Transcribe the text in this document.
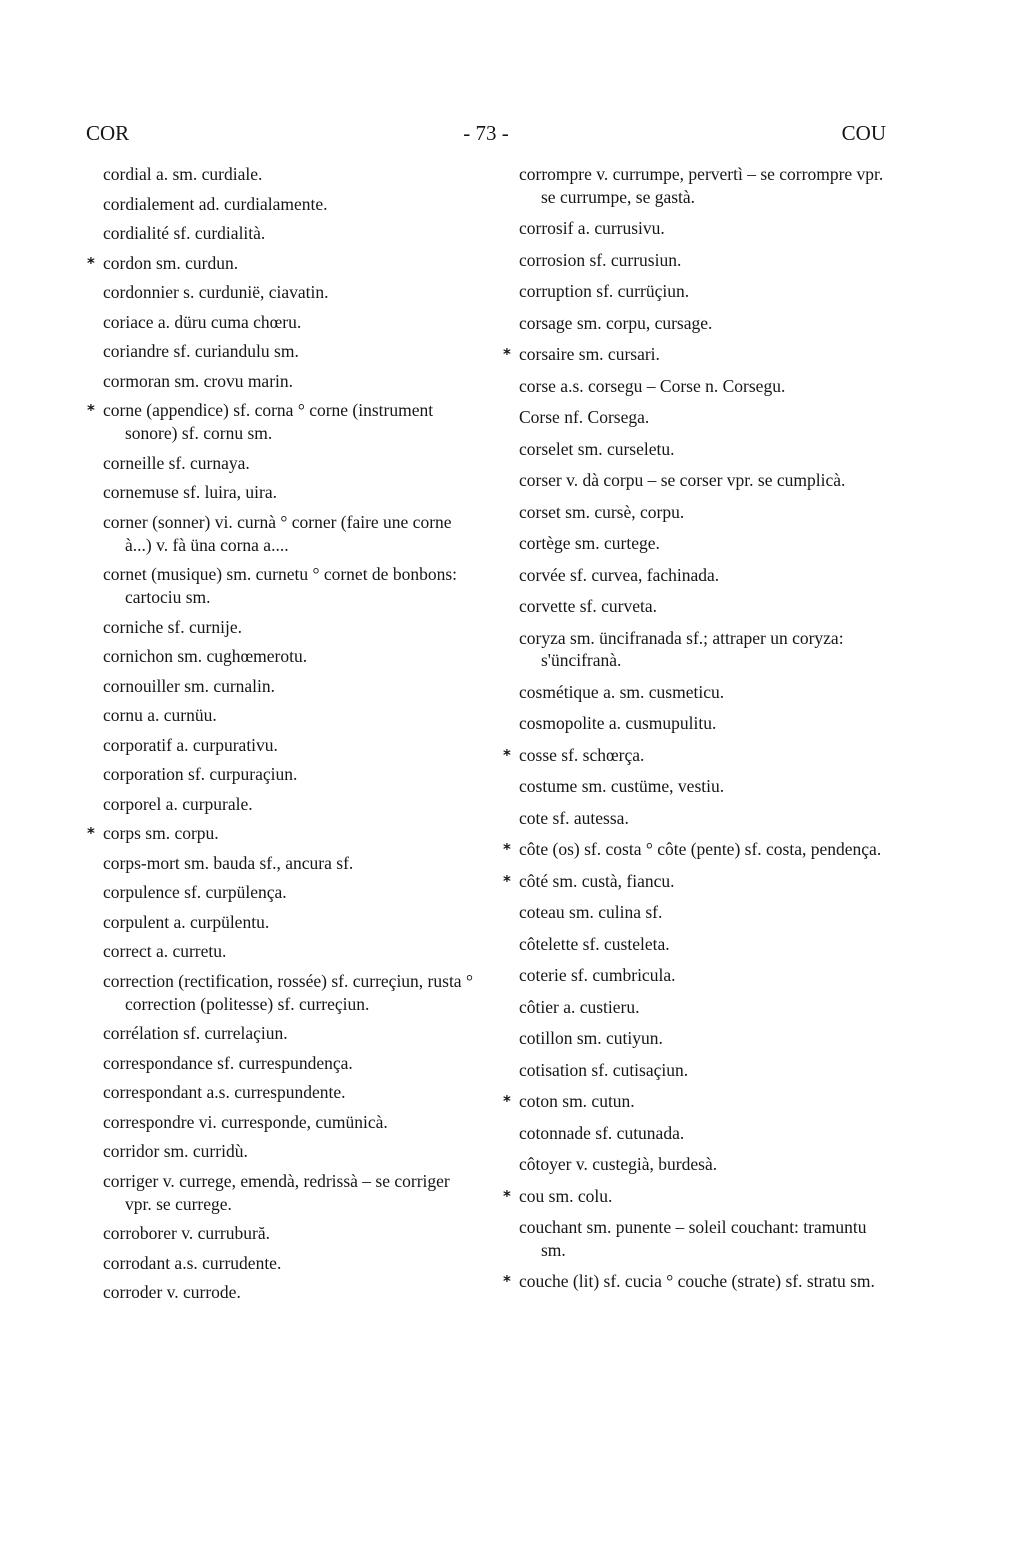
COR	- 73 -	COU
cordial a. sm. curdiale.
cordialement ad. curdialamente.
cordialité sf. curdialità.
* cordon sm. curdun.
cordonnier s. curdunië, ciavatin.
coriace a. düru cuma chœru.
coriandre sf. curiandulu sm.
cormoran sm. crovu marin.
* corne (appendice) sf. corna ° corne (instrument sonore) sf. cornu sm.
corneille sf. curnaya.
cornemuse sf. luira, uira.
corner (sonner) vi. curnà ° corner (faire une corne à...) v. fà üna corna a....
cornet (musique) sm. curnetu ° cornet de bonbons: cartociu sm.
corniche sf. curnije.
cornichon sm. cughœmerotu.
cornouiller sm. curnalin.
cornu a. curnüu.
corporatif a. curpurativu.
corporation sf. curpuraçiun.
corporel a. curpurale.
* corps sm. corpu.
corps-mort sm. bauda sf., ancura sf.
corpulence sf. curpülença.
corpulent a. curpülentu.
correct a. curretu.
correction (rectification, rossée) sf. curreçiun, rusta ° correction (politesse) sf. curreçiun.
corrélation sf. currelaçiun.
correspondance sf. currespundença.
correspondant a.s. currespundente.
correspondre vi. curresponde, cumünicà.
corridor sm. curridù.
corriger v. currege, emendà, redrissà – se corriger vpr. se currege.
corroborer v. currubură.
corrodant a.s. currudente.
corroder v. currode.
corrompre v. currumpe, pervertì – se corrompre vpr. se currumpe, se gastà.
corrosif a. currusivu.
corrosion sf. currusiun.
corruption sf. currüçiun.
corsage sm. corpu, cursage.
* corsaire sm. cursari.
corse a.s. corsegu – Corse n. Corsegu.
Corse nf. Corsega.
corselet sm. curseletu.
corser v. dà corpu – se corser vpr. se cumplicà.
corset sm. cursè, corpu.
cortège sm. curtege.
corvée sf. curvea, fachinada.
corvette sf. curveta.
coryza sm. üncifranada sf.; attraper un coryza: s'üncifranà.
cosmétique a. sm. cusmeticu.
cosmopolite a. cusmupulitu.
* cosse sf. schœrça.
costume sm. custüme, vestiu.
cote sf. autessa.
* côte (os) sf. costa ° côte (pente) sf. costa, pendença.
* côté sm. custà, fiancu.
coteau sm. culina sf.
côtelette sf. custeleta.
coterie sf. cumbricula.
côtier a. custieru.
cotillon sm. cutiyun.
cotisation sf. cutisaçiun.
* coton sm. cutun.
cotonnade sf. cutunada.
côtoyer v. custegià, burdesà.
* cou sm. colu.
couchant sm. punente – soleil couchant: tramuntu sm.
* couche (lit) sf. cucia ° couche (strate) sf. stratu sm.
